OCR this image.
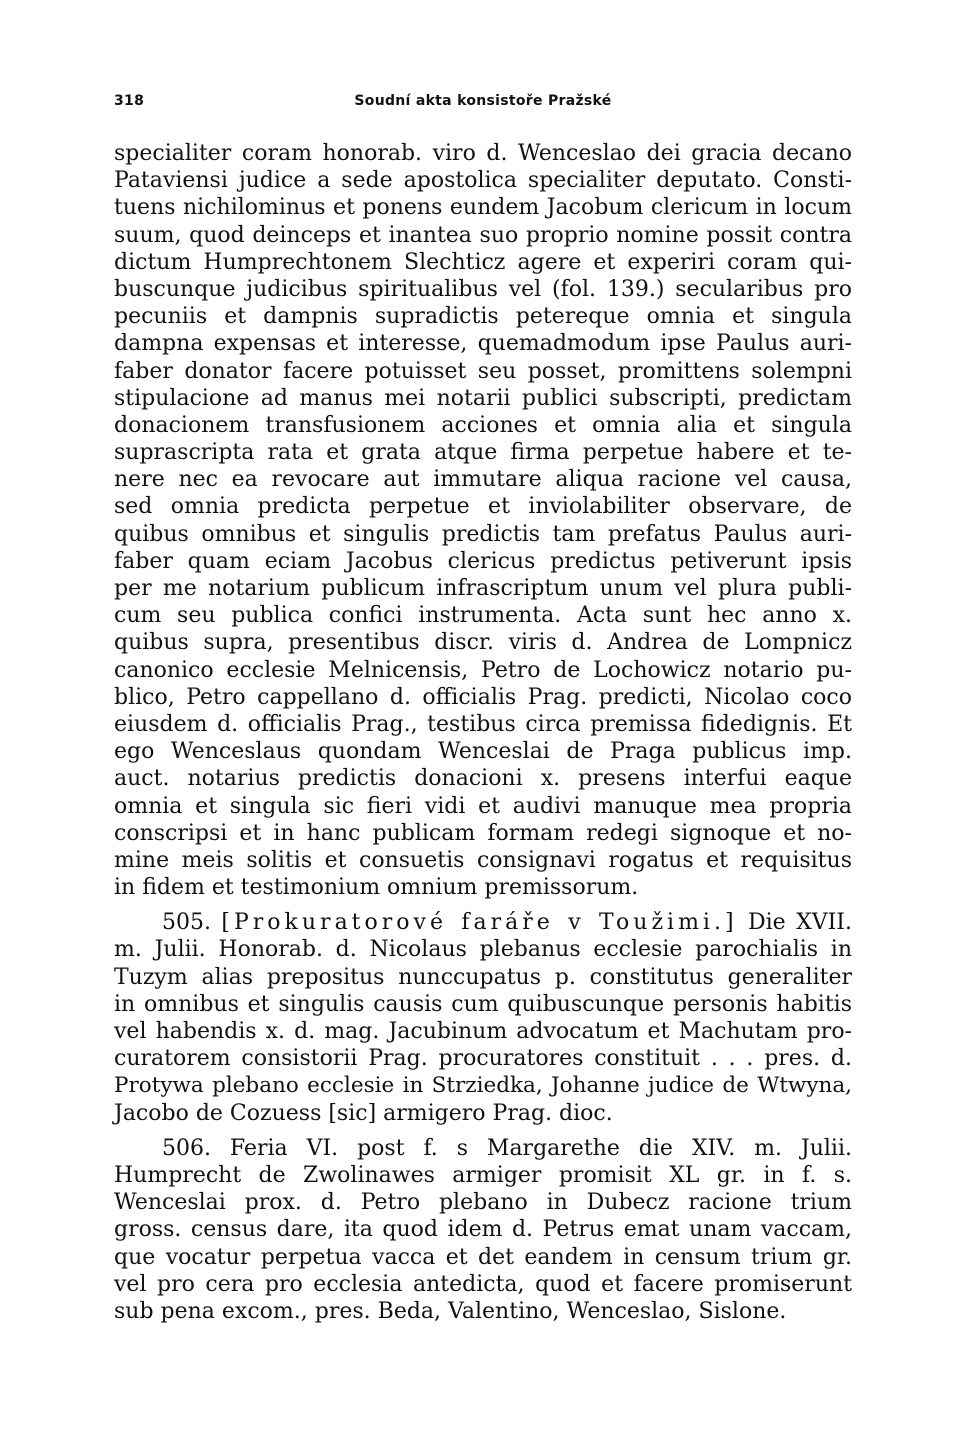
318	Soudní akta konsistoře Pražské
specialiter coram honorab. viro d. Wenceslao dei gracia decano
Pataviensi judice a sede apostolica specialiter deputato. Consti-
tuens nichilominus et ponens eundem Jacobum clericum in locum
suum, quod deinceps et inantea suo proprio nomine possit contra
dictum Humprechtonem Slechticz agere et experiri coram qui-
buscunque judicibus spiritualibus vel (fol. 139.) secularibus pro
pecuniis et dampnis supradictis petereque omnia et singula
dampna expensas et interesse, quemadmodum ipse Paulus auri-
faber donator facere potuisset seu posset, promittens solempni
stipulacione ad manus mei notarii publici subscripti, predictam
donacionem transfusionem acciones et omnia alia et singula
suprascripta rata et grata atque firma perpetue habere et te-
nere nec ea revocare aut immutare aliqua racione vel causa,
sed omnia predicta perpetue et inviolabiliter observare, de
quibus omnibus et singulis predictis tam prefatus Paulus auri-
faber quam eciam Jacobus clericus predictus petiverunt ipsis
per me notarium publicum infrascriptum unum vel plura publi-
cum seu publica confici instrumenta. Acta sunt hec anno x.
quibus supra, presentibus discr. viris d. Andrea de Lompnicz
canonico ecclesie Melnicensis, Petro de Lochowicz notario pu-
blico, Petro cappellano d. officialis Prag. predicti, Nicolao coco
eiusdem d. officialis Prag., testibus circa premissa fidedignis. Et
ego Wenceslaus quondam Wenceslai de Praga publicus imp.
auct. notarius predictis donacioni x. presens interfui eaque
omnia et singula sic fieri vidi et audivi manuque mea propria
conscripsi et in hanc publicam formam redegi signoque et no-
mine meis solitis et consuetis consignavi rogatus et requisitus
in fidem et testimonium omnium premissorum.
505. [Prokuratorové faráře v Toužimi.] Die XVII.
m. Julii. Honorab. d. Nicolaus plebanus ecclesie parochialis in
Tuzym alias prepositus nunccupatus p. constitutus generaliter
in omnibus et singulis causis cum quibuscunque personis habitis
vel habendis x. d. mag. Jacubinum advocatum et Machutam pro-
curatorem consistorii Prag. procuratores constituit . . . pres. d.
Protywa plebano ecclesie in Strziedka, Johanne judice de Wtwyna,
Jacobo de Cozuess [sic] armigero Prag. dioc.
506. Feria VI. post f. s Margarethe die XIV. m. Julii.
Humprecht de Zwolinawes armiger promisit XL gr. in f. s.
Wenceslai prox. d. Petro plebano in Dubecz racione trium
gross. census dare, ita quod idem d. Petrus emat unam vaccam,
que vocatur perpetua vacca et det eandem in censum trium gr.
vel pro cera pro ecclesia antedicta, quod et facere promiserunt
sub pena excom., pres. Beda, Valentino, Wenceslao, Sislone.
